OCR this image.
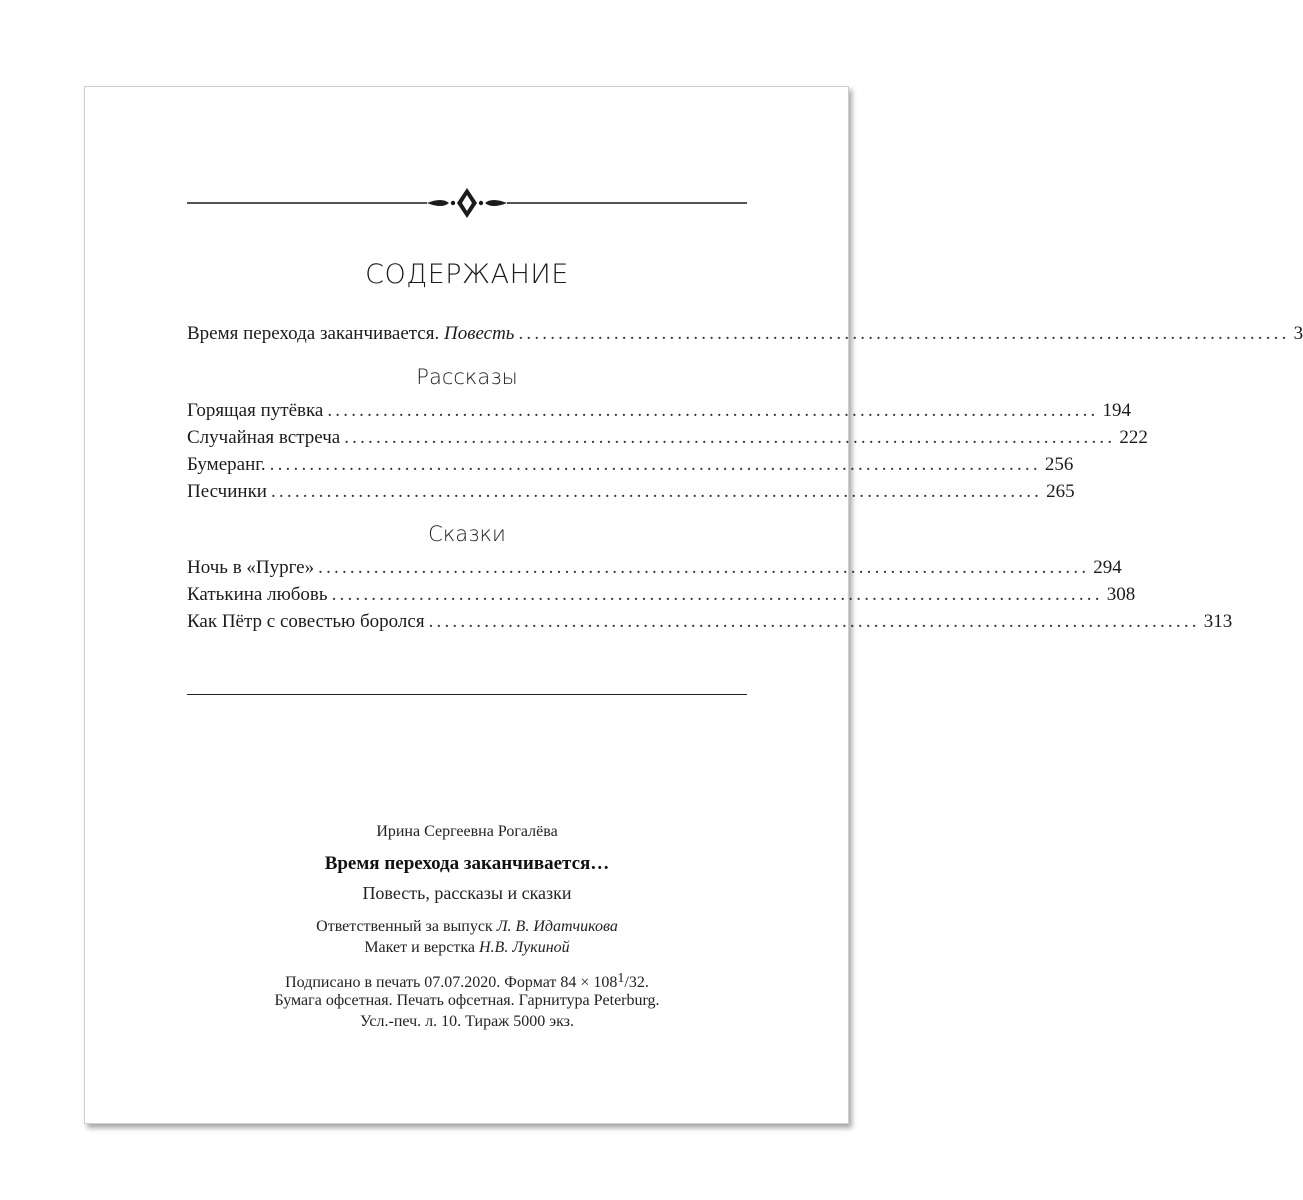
СОДЕРЖАНИЕ
Время перехода заканчивается. Повесть ................................................................................................. 3
Рассказы
Горящая путёвка ................................................................................................. 194
Случайная встреча ................................................................................................. 222
Бумеранг. ................................................................................................. 256
Песчинки ................................................................................................. 265
Сказки
Ночь в «Пурге» ................................................................................................. 294
Катькина любовь ................................................................................................. 308
Как Пётр с совестью боролся ................................................................................................. 313
Ирина Сергеевна Рогалёва
Время перехода заканчивается…
Повесть, рассказы и сказки
Ответственный за выпуск Л. В. Идатчикова
Макет и верстка Н.В. Лукиной
Подписано в печать 07.07.2020. Формат $84 \times 108^1/32$.
Бумага офсетная. Печать офсетная. Гарнитура Peterburg.
Усл.-печ. л. 10. Тираж 5000 экз.
